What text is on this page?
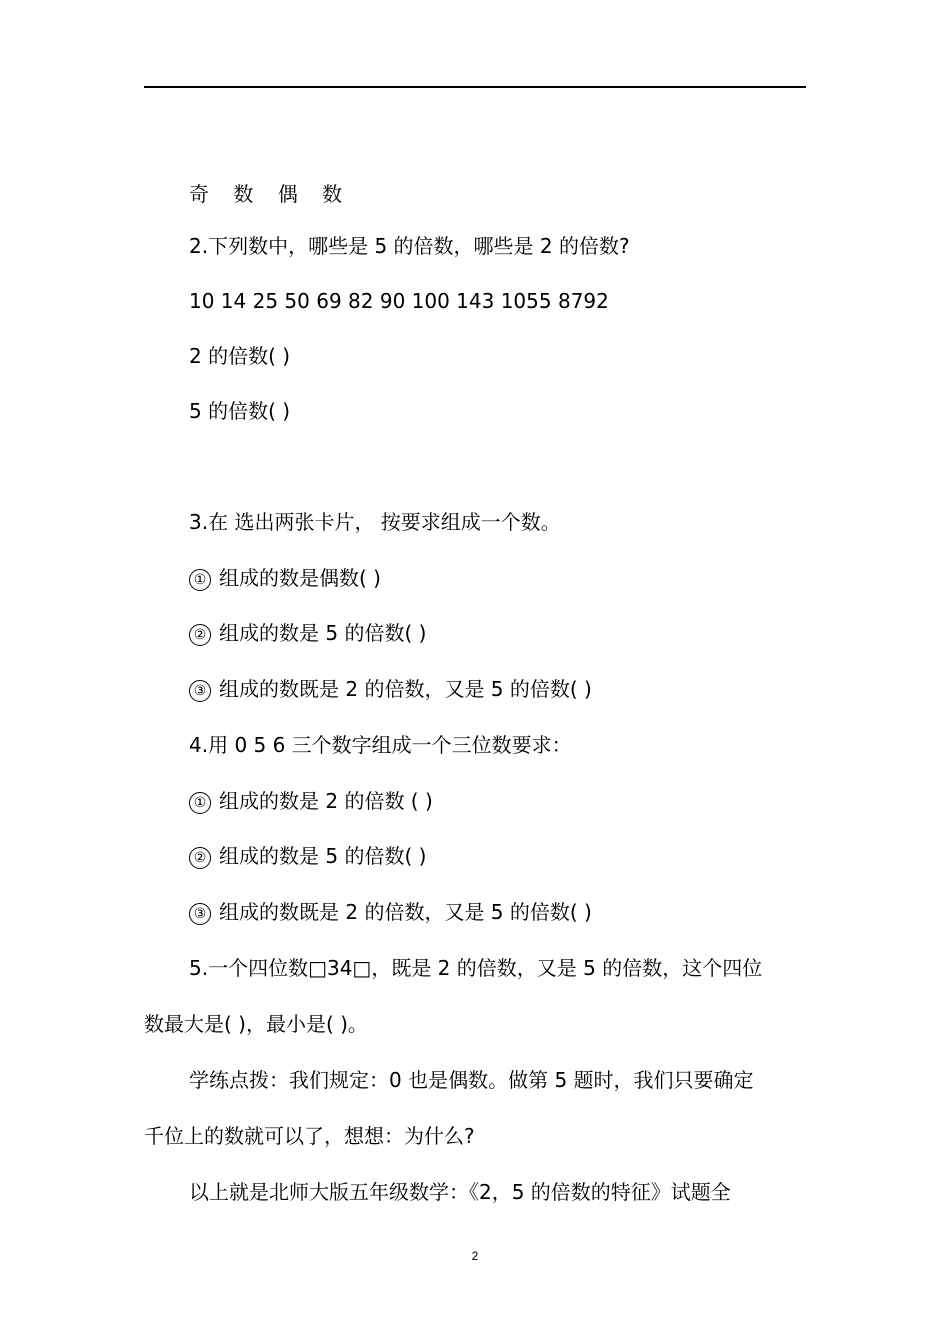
奇 数 偶 数
2.下列数中，哪些是 5 的倍数，哪些是 2 的倍数?
10 14 25 50 69 82 90 100 143 1055 8792
2 的倍数( )
5 的倍数( )
3.在 选出两张卡片， 按要求组成一个数。
① 组成的数是偶数( )
② 组成的数是 5 的倍数( )
③ 组成的数既是 2 的倍数，又是 5 的倍数( )
4.用 0 5 6 三个数字组成一个三位数要求：
① 组成的数是 2 的倍数 ( )
② 组成的数是 5 的倍数( )
③ 组成的数既是 2 的倍数，又是 5 的倍数( )
5.一个四位数□34□，既是 2 的倍数，又是 5 的倍数，这个四位
数最大是( )，最小是( )。
学练点拨：我们规定：0 也是偶数。做第 5 题时，我们只要确定
千位上的数就可以了，想想：为什么?
以上就是北师大版五年级数学：《2，5 的倍数的特征》试题全
2
